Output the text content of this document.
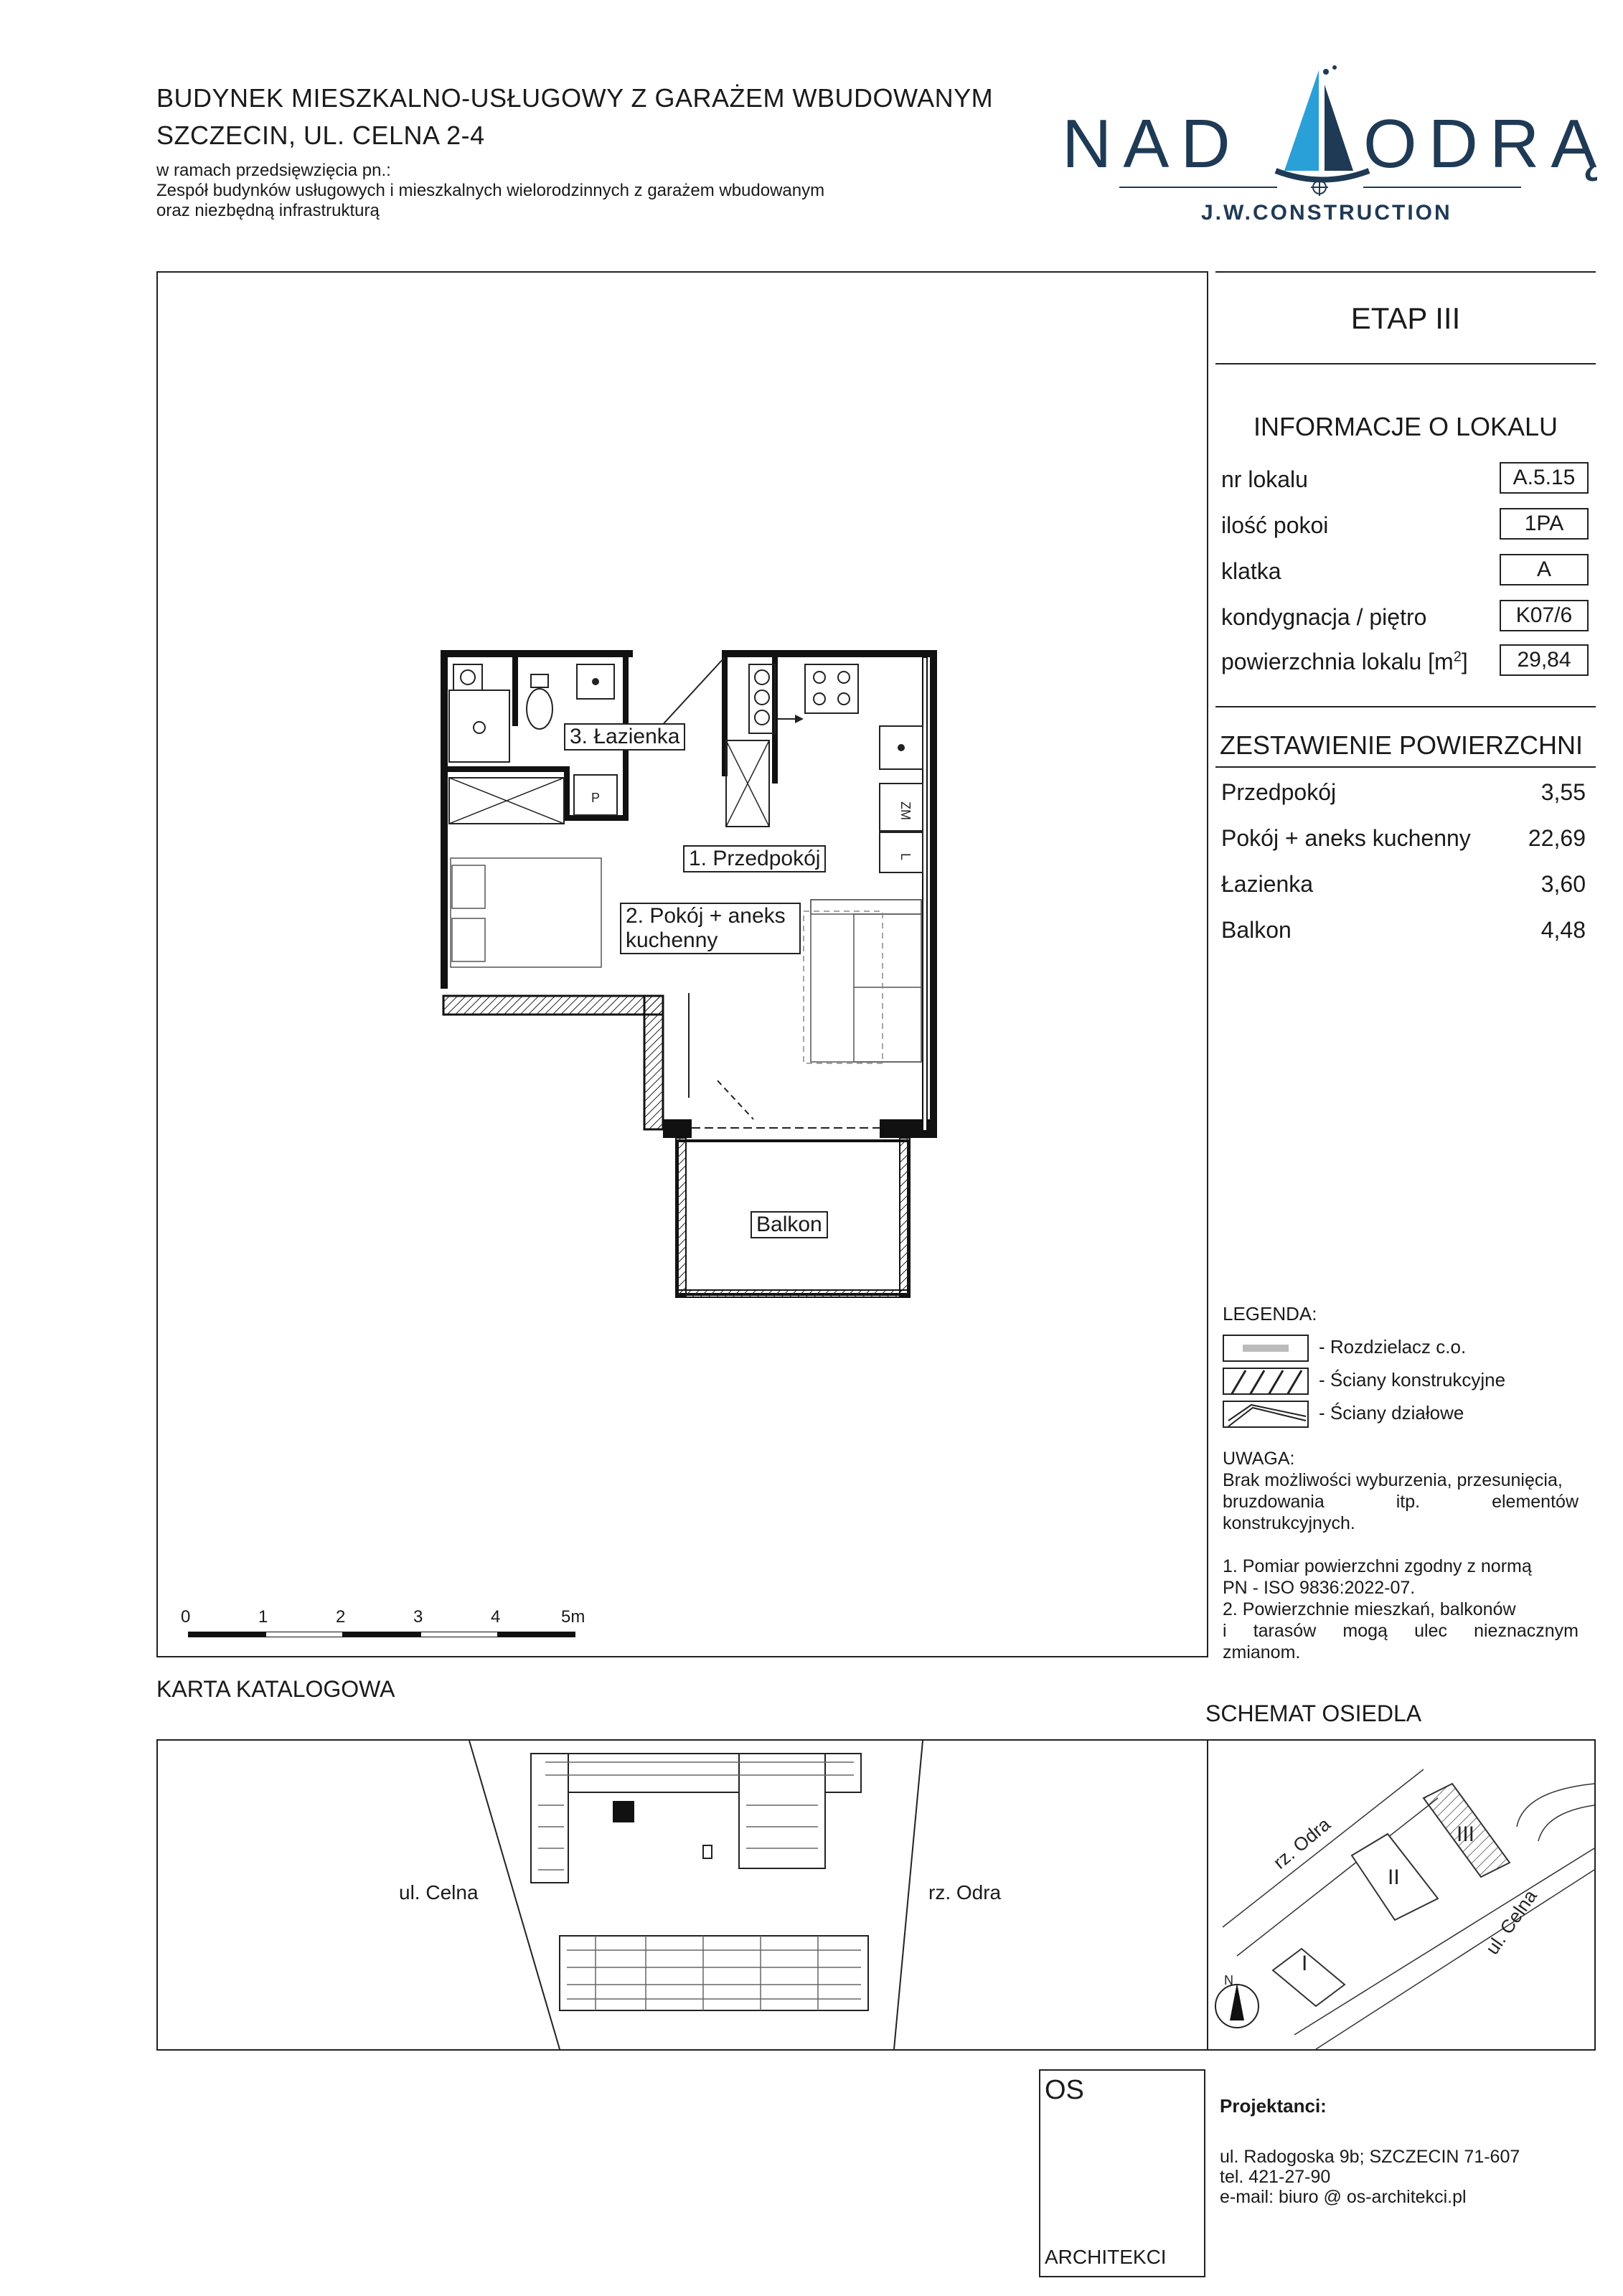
BUDYNEK MIESZKALNO-USŁUGOWY Z GARAŻEM WBUDOWANYM
SZCZECIN, UL. CELNA 2-4
w ramach przedsięwzięcia pn.:
Zespół budynków usługowych i mieszkalnych wielorodzinnych z garażem wbudowanym
oraz niezbędną infrastrukturą
NAD ODRĄ
J.W.CONSTRUCTION
P
ZM
L
3. Łazienka
1. Przedpokój
2. Pokój + aneks
kuchenny
Balkon
0	1	2	3	4	5m
ETAP III
INFORMACJE O LOKALU
nr lokalu	A.5.15
ilość pokoi	1PA
klatka	A
kondygnacja / piętro	K07/6
powierzchnia lokalu $[m^2]$	29,84
ZESTAWIENIE POWIERZCHNI
Przedpokój	3,55
Pokój + aneks kuchenny	22,69
Łazienka	3,60
Balkon	4,48
LEGENDA:
- Rozdzielacz c.o.
- Ściany konstrukcyjne
- Ściany działowe
UWAGA:
Brak możliwości wyburzenia, przesunięcia,
bruzdowania itp. elementów
konstrukcyjnych.
1. Pomiar powierzchni zgodny z normą
PN - ISO 9836:2022-07.
2. Powierzchnie mieszkań, balkonów
i tarasów mogą ulec nieznacznym
zmianom.
KARTA KATALOGOWA
SCHEMAT OSIEDLA
ul. Celna	rz. Odra
I
II
III
rz. Odra
ul. Celna
N
OS
ARCHITEKCI
Projektanci:
ul. Radogoska 9b; SZCZECIN 71-607
tel. 421-27-90
e-mail: biuro @ os-architekci.pl
